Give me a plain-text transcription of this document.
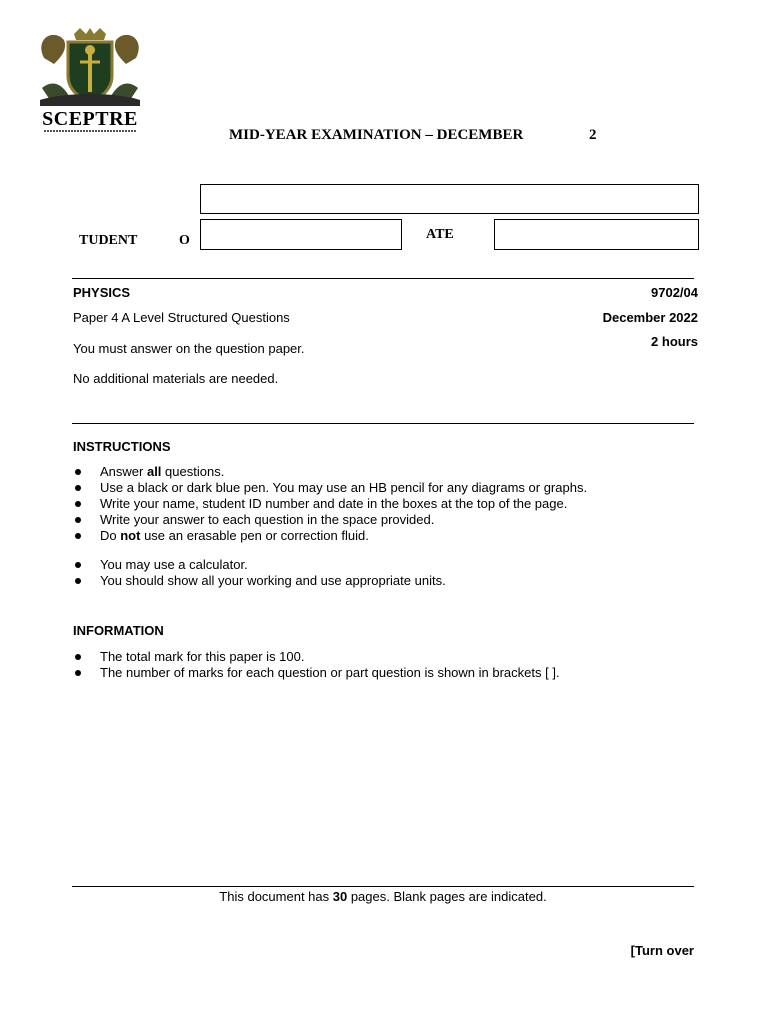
SCEPTRE
MID-YEAR EXAMINATION – DECEMBER	2
TUDENT	O	ATE
PHYSICS	9702/04
Paper 4 A Level Structured Questions	December 2022
2 hours
You must answer on the question paper.
No additional materials are needed.
INSTRUCTIONS
Answer all questions.
Use a black or dark blue pen. You may use an HB pencil for any diagrams or graphs.
Write your name, student ID number and date in the boxes at the top of the page.
Write your answer to each question in the space provided.
Do not use an erasable pen or correction fluid.
You may use a calculator.
You should show all your working and use appropriate units.
INFORMATION
The total mark for this paper is 100.
The number of marks for each question or part question is shown in brackets [ ].
This document has 30 pages. Blank pages are indicated.
[Turn over
